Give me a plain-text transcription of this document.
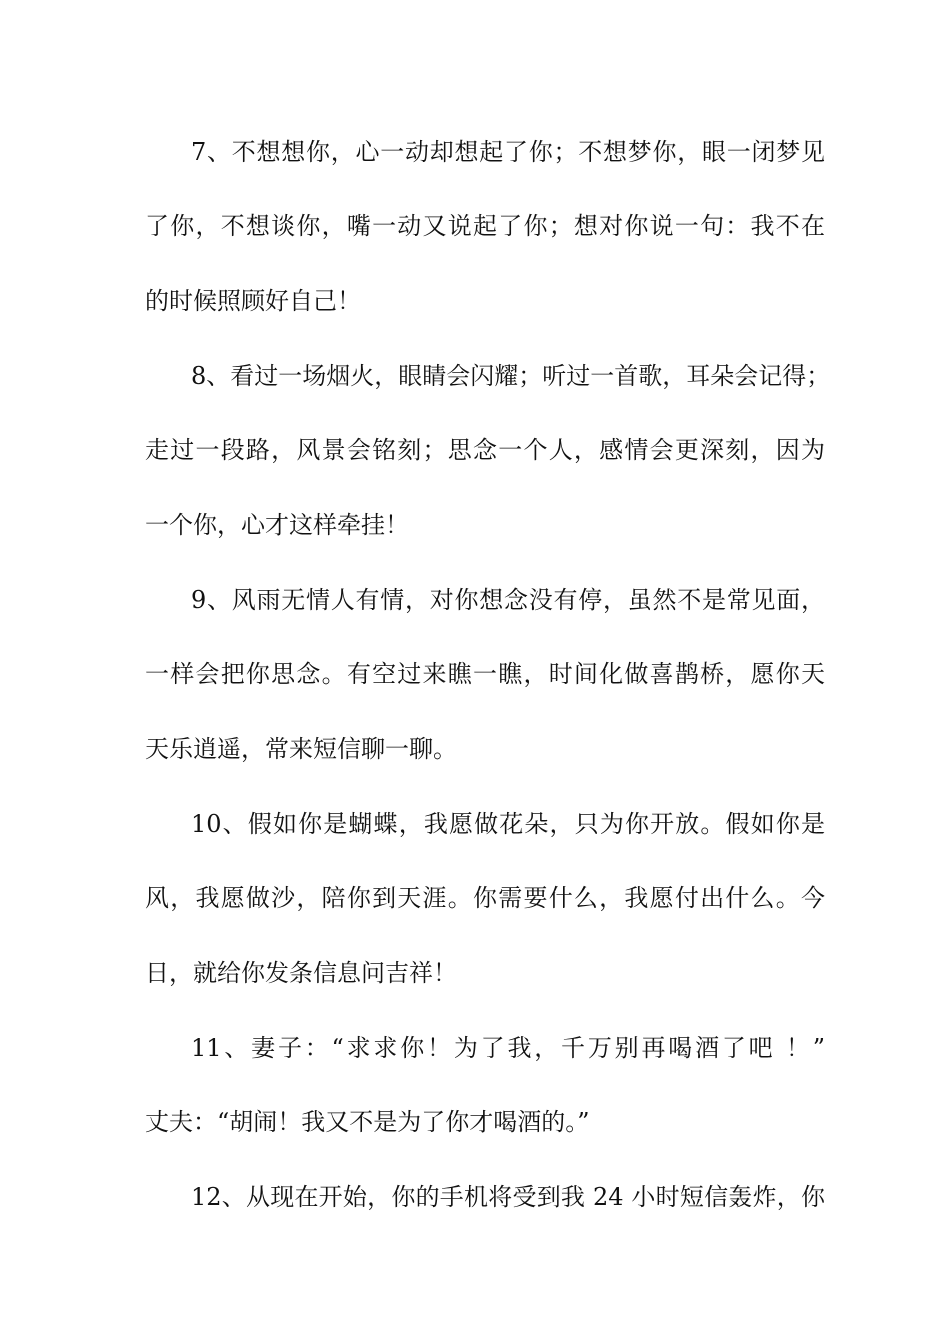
7、不想想你，心一动却想起了你；不想梦你，眼一闭梦见
了你，不想谈你，嘴一动又说起了你；想对你说一句：我不在
的时候照顾好自己！
8、看过一场烟火，眼睛会闪耀；听过一首歌，耳朵会记得；
走过一段路，风景会铭刻；思念一个人，感情会更深刻，因为
一个你，心才这样牵挂！
9、风雨无情人有情，对你想念没有停，虽然不是常见面，
一样会把你思念。有空过来瞧一瞧，时间化做喜鹊桥，愿你天
天乐逍遥，常来短信聊一聊。
10、假如你是蝴蝶，我愿做花朵，只为你开放。假如你是
风，我愿做沙，陪你到天涯。你需要什么，我愿付出什么。今
日，就给你发条信息问吉祥！
11、妻子：“求求你！为了我，千万别再喝酒了吧 ！”
丈夫：“胡闹！我又不是为了你才喝酒的。”
12、从现在开始，你的手机将受到我 24 小时短信轰炸，你
